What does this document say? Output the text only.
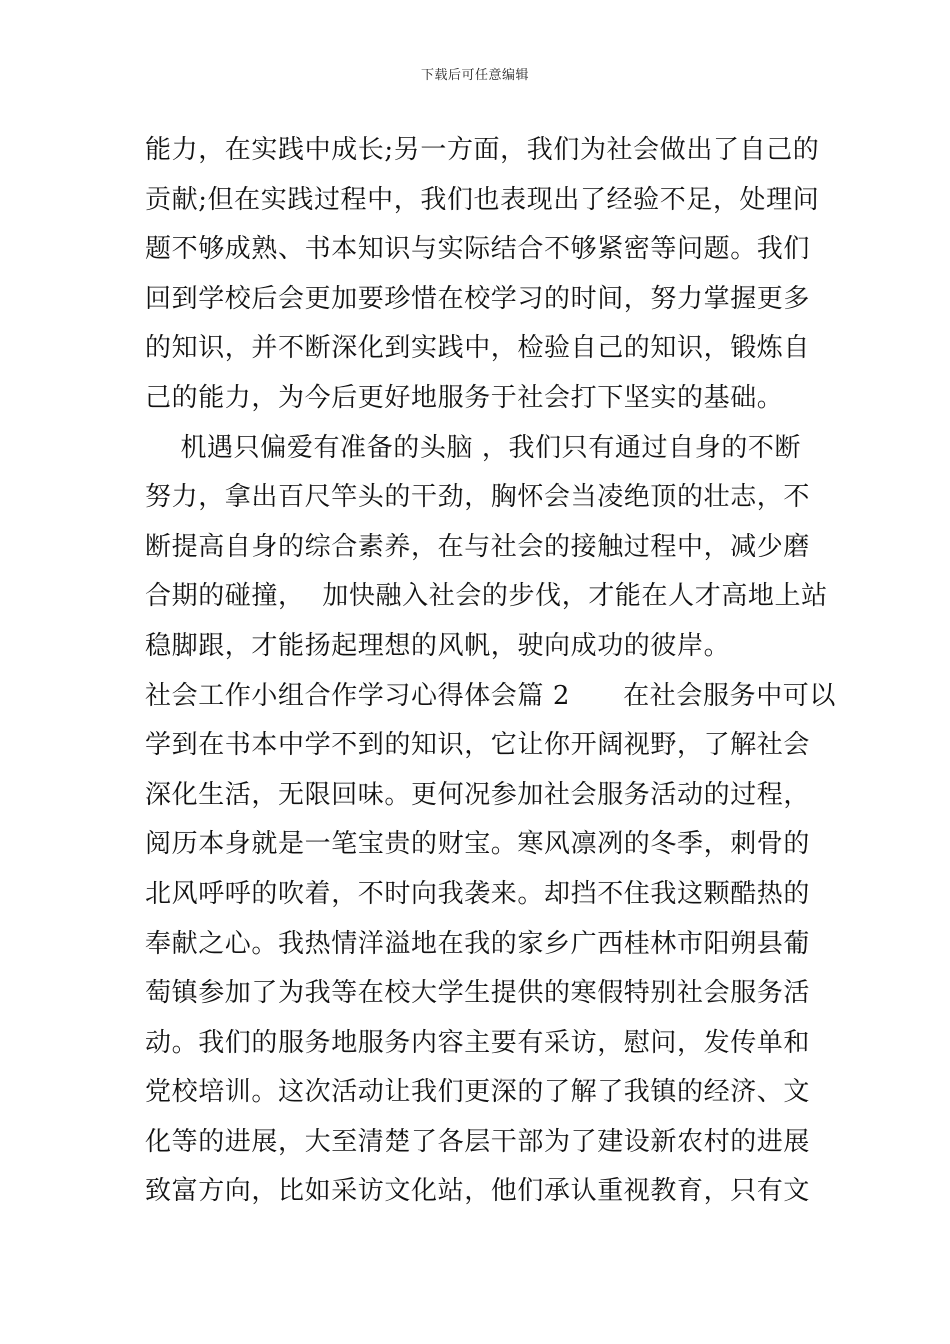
下载后可任意编辑
能力，在实践中成长;另一方面，我们为社会做出了自己的
贡献;但在实践过程中，我们也表现出了经验不足，处理问
题不够成熟、书本知识与实际结合不够紧密等问题。我们
回到学校后会更加要珍惜在校学习的时间，努力掌握更多
的知识，并不断深化到实践中，检验自己的知识，锻炼自
己的能力，为今后更好地服务于社会打下坚实的基础。
机遇只偏爱有准备的头脑 ，我们只有通过自身的不断
努力，拿出百尺竿头的干劲，胸怀会当凌绝顶的壮志，不
断提高自身的综合素养，在与社会的接触过程中，减少磨
合期的碰撞，  加快融入社会的步伐，才能在人才高地上站
稳脚跟，才能扬起理想的风帆，驶向成功的彼岸。
社会工作小组合作学习心得体会篇 2      在社会服务中可以
学到在书本中学不到的知识，它让你开阔视野，了解社会
深化生活，无限回味。更何况参加社会服务活动的过程，
阅历本身就是一笔宝贵的财宝。寒风凛冽的冬季，刺骨的
北风呼呼的吹着，不时向我袭来。却挡不住我这颗酷热的
奉献之心。我热情洋溢地在我的家乡广西桂林市阳朔县葡
萄镇参加了为我等在校大学生提供的寒假特别社会服务活
动。我们的服务地服务内容主要有采访，慰问，发传单和
党校培训。这次活动让我们更深的了解了我镇的经济、文
化等的进展，大至清楚了各层干部为了建设新农村的进展
致富方向，比如采访文化站，他们承认重视教育，只有文
